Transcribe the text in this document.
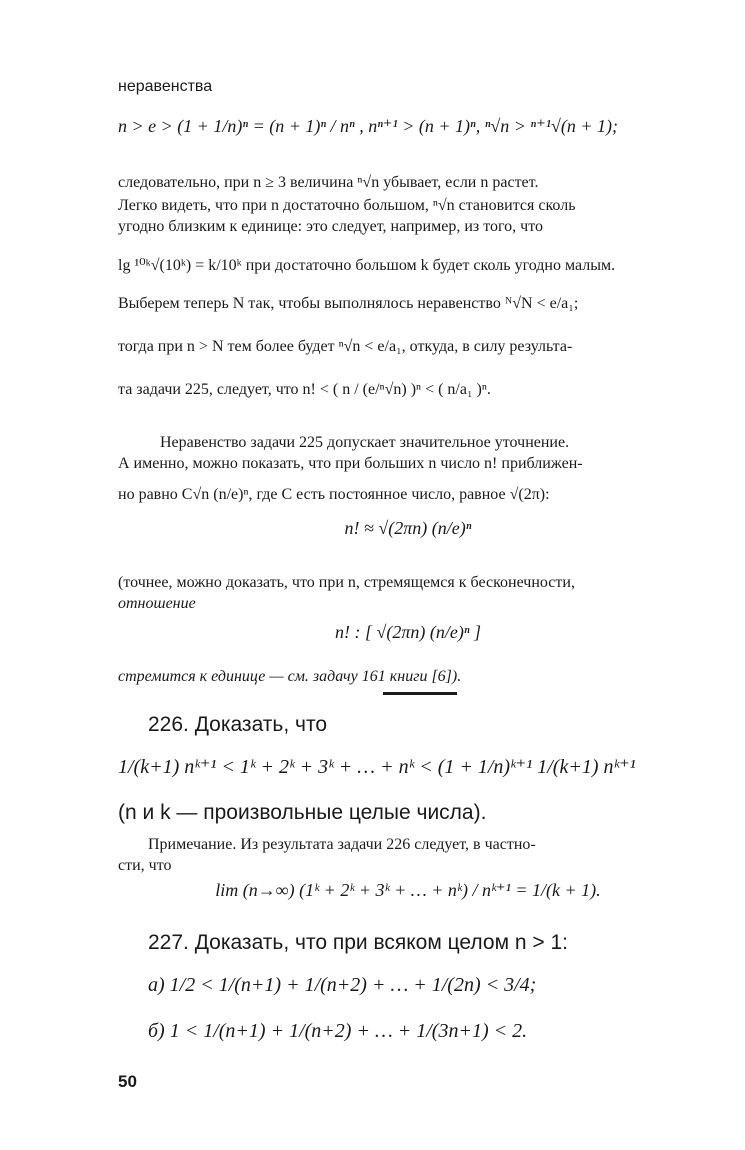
неравенства
n > e > (1 + 1/n)ⁿ = (n + 1)ⁿ / nⁿ , nⁿ⁺¹ > (n + 1)ⁿ, ⁿ√n > ⁿ⁺¹√(n + 1);
следовательно, при n ≥ 3 величина ⁿ√n убывает, если n растет.
Легко видеть, что при n достаточно большом, ⁿ√n становится сколь
угодно близким к единице: это следует, например, из того, что
lg ¹⁰ᵏ√(10ᵏ) = k/10ᵏ при достаточно большом k будет сколь угодно малым.
Выберем теперь N так, чтобы выполнялось неравенство ᴺ√N < e/a₁;
тогда при n > N тем более будет ⁿ√n < e/a₁, откуда, в силу результа-
та задачи 225, следует, что n! < ( n / (e/ⁿ√n) )ⁿ < ( n/a₁ )ⁿ.
Неравенство задачи 225 допускает значительное уточнение.
А именно, можно показать, что при больших n число n! приближен-
но равно C√n (n/e)ⁿ, где C есть постоянное число, равное √(2π):
n! ≈ √(2πn) (n/e)ⁿ
(точнее, можно доказать, что при n, стремящемся к бесконечности,
отношение
n! : [ √(2πn) (n/e)ⁿ ]
стремится к единице — см. задачу 161 книги [6]).
226. Доказать, что
1/(k+1) nᵏ⁺¹ < 1ᵏ + 2ᵏ + 3ᵏ + … + nᵏ < (1 + 1/n)ᵏ⁺¹ 1/(k+1) nᵏ⁺¹
(n и k — произвольные целые числа).
Примечание. Из результата задачи 226 следует, в частно-
сти, что
lim (n→∞) (1ᵏ + 2ᵏ + 3ᵏ + … + nᵏ) / nᵏ⁺¹ = 1/(k + 1).
227. Доказать, что при всяком целом n > 1:
а) 1/2 < 1/(n+1) + 1/(n+2) + … + 1/(2n) < 3/4;
б) 1 < 1/(n+1) + 1/(n+2) + … + 1/(3n+1) < 2.
50
